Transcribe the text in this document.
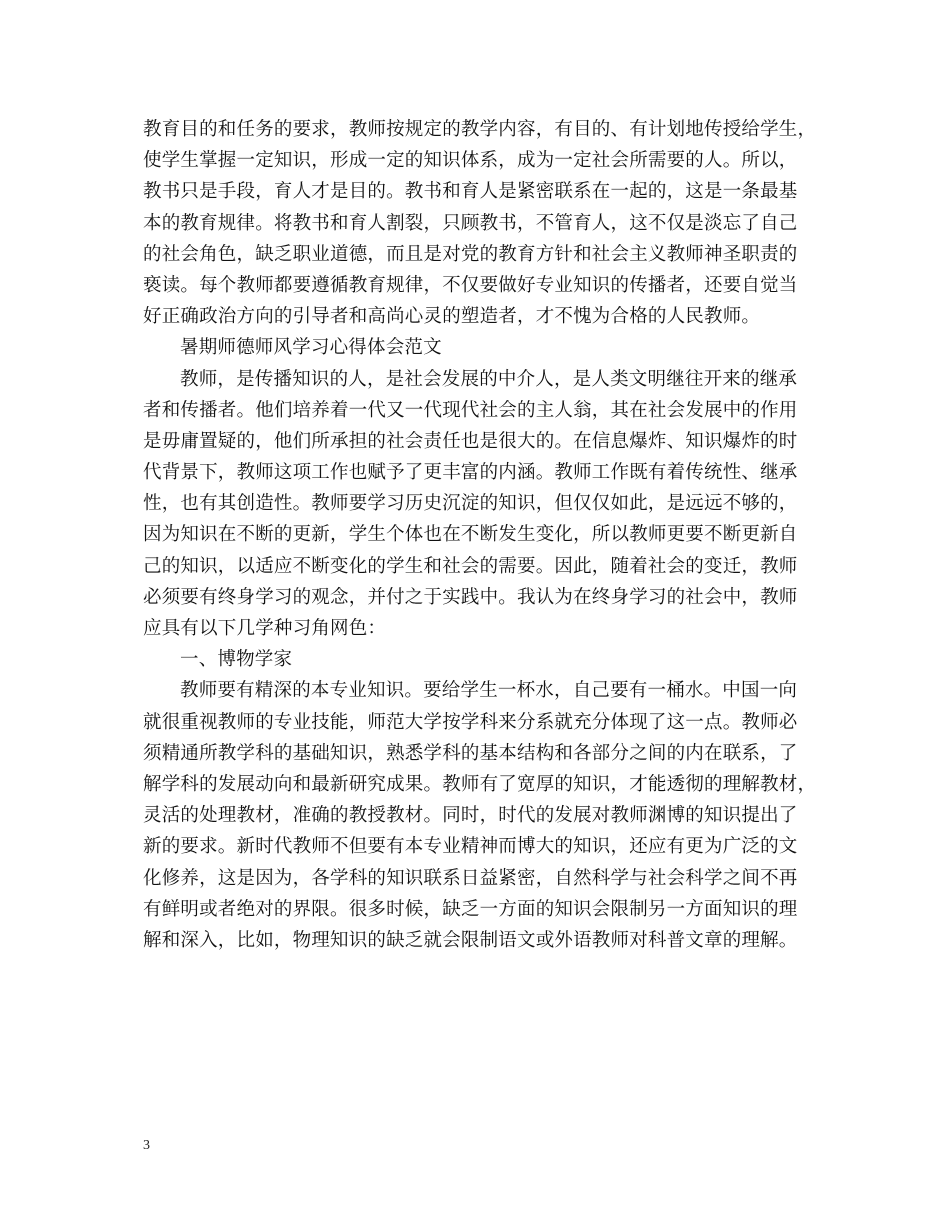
教育目的和任务的要求，教师按规定的教学内容，有目的、有计划地传授给学生，
使学生掌握一定知识，形成一定的知识体系，成为一定社会所需要的人。所以，
教书只是手段，育人才是目的。教书和育人是紧密联系在一起的，这是一条最基
本的教育规律。将教书和育人割裂，只顾教书，不管育人，这不仅是淡忘了自己
的社会角色，缺乏职业道德，而且是对党的教育方针和社会主义教师神圣职责的
亵读。每个教师都要遵循教育规律，不仅要做好专业知识的传播者，还要自觉当
好正确政治方向的引导者和高尚心灵的塑造者，才不愧为合格的人民教师。
暑期师德师风学习心得体会范文
教师，是传播知识的人，是社会发展的中介人，是人类文明继往开来的继承
者和传播者。他们培养着一代又一代现代社会的主人翁，其在社会发展中的作用
是毋庸置疑的，他们所承担的社会责任也是很大的。在信息爆炸、知识爆炸的时
代背景下，教师这项工作也赋予了更丰富的内涵。教师工作既有着传统性、继承
性，也有其创造性。教师要学习历史沉淀的知识，但仅仅如此，是远远不够的，
因为知识在不断的更新，学生个体也在不断发生变化，所以教师更要不断更新自
己的知识，以适应不断变化的学生和社会的需要。因此，随着社会的变迁，教师
必须要有终身学习的观念，并付之于实践中。我认为在终身学习的社会中，教师
应具有以下几学种习角网色：
一、博物学家
教师要有精深的本专业知识。要给学生一杯水，自己要有一桶水。中国一向
就很重视教师的专业技能，师范大学按学科来分系就充分体现了这一点。教师必
须精通所教学科的基础知识，熟悉学科的基本结构和各部分之间的内在联系，了
解学科的发展动向和最新研究成果。教师有了宽厚的知识，才能透彻的理解教材，
灵活的处理教材，准确的教授教材。同时，时代的发展对教师渊博的知识提出了
新的要求。新时代教师不但要有本专业精神而博大的知识，还应有更为广泛的文
化修养，这是因为，各学科的知识联系日益紧密，自然科学与社会科学之间不再
有鲜明或者绝对的界限。很多时候，缺乏一方面的知识会限制另一方面知识的理
解和深入，比如，物理知识的缺乏就会限制语文或外语教师对科普文章的理解。
3
